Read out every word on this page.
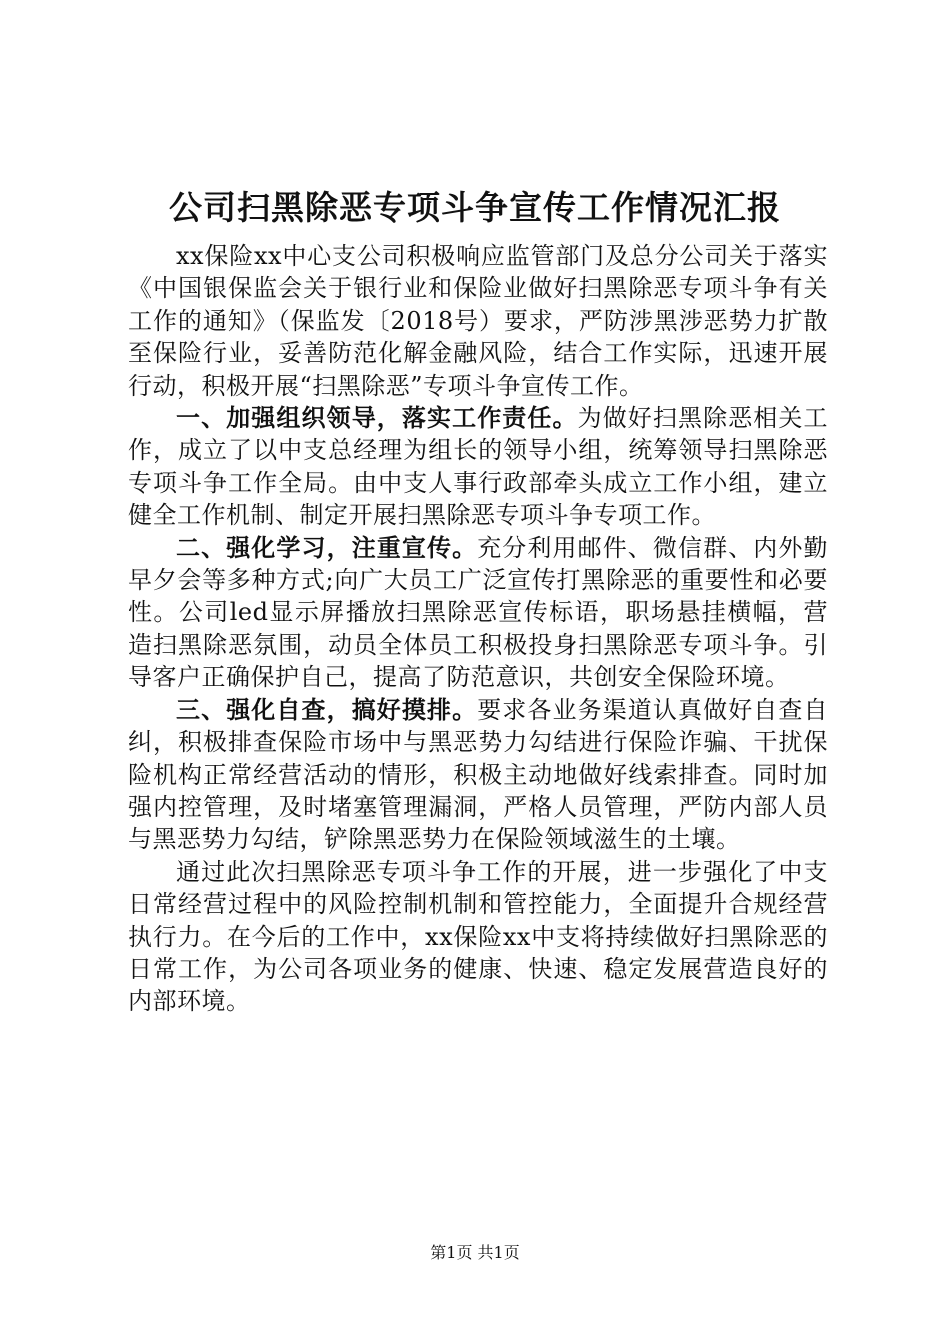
公司扫黑除恶专项斗争宣传工作情况汇报

xx保险xx中心支公司积极响应监管部门及总分公司关于落实《中国银保监会关于银行业和保险业做好扫黑除恶专项斗争有关工作的通知》（保监发〔2018号）要求，严防涉黑涉恶势力扩散至保险行业，妥善防范化解金融风险，结合工作实际，迅速开展行动，积极开展“扫黑除恶”专项斗争宣传工作。

一、加强组织领导，落实工作责任。为做好扫黑除恶相关工作，成立了以中支总经理为组长的领导小组，统筹领导扫黑除恶专项斗争工作全局。由中支人事行政部牵头成立工作小组，建立健全工作机制、制定开展扫黑除恶专项斗争专项工作。

二、强化学习，注重宣传。充分利用邮件、微信群、内外勤早夕会等多种方式;向广大员工广泛宣传打黑除恶的重要性和必要性。公司led显示屏播放扫黑除恶宣传标语，职场悬挂横幅，营造扫黑除恶氛围，动员全体员工积极投身扫黑除恶专项斗争。引导客户正确保护自己，提高了防范意识，共创安全保险环境。

三、强化自查，搞好摸排。要求各业务渠道认真做好自查自纠，积极排查保险市场中与黑恶势力勾结进行保险诈骗、干扰保险机构正常经营活动的情形，积极主动地做好线索排查。同时加强内控管理，及时堵塞管理漏洞，严格人员管理，严防内部人员与黑恶势力勾结，铲除黑恶势力在保险领域滋生的土壤。

通过此次扫黑除恶专项斗争工作的开展，进一步强化了中支日常经营过程中的风险控制机制和管控能力，全面提升合规经营执行力。在今后的工作中，xx保险xx中支将持续做好扫黑除恶的日常工作，为公司各项业务的健康、快速、稳定发展营造良好的内部环境。

第1页 共1页
